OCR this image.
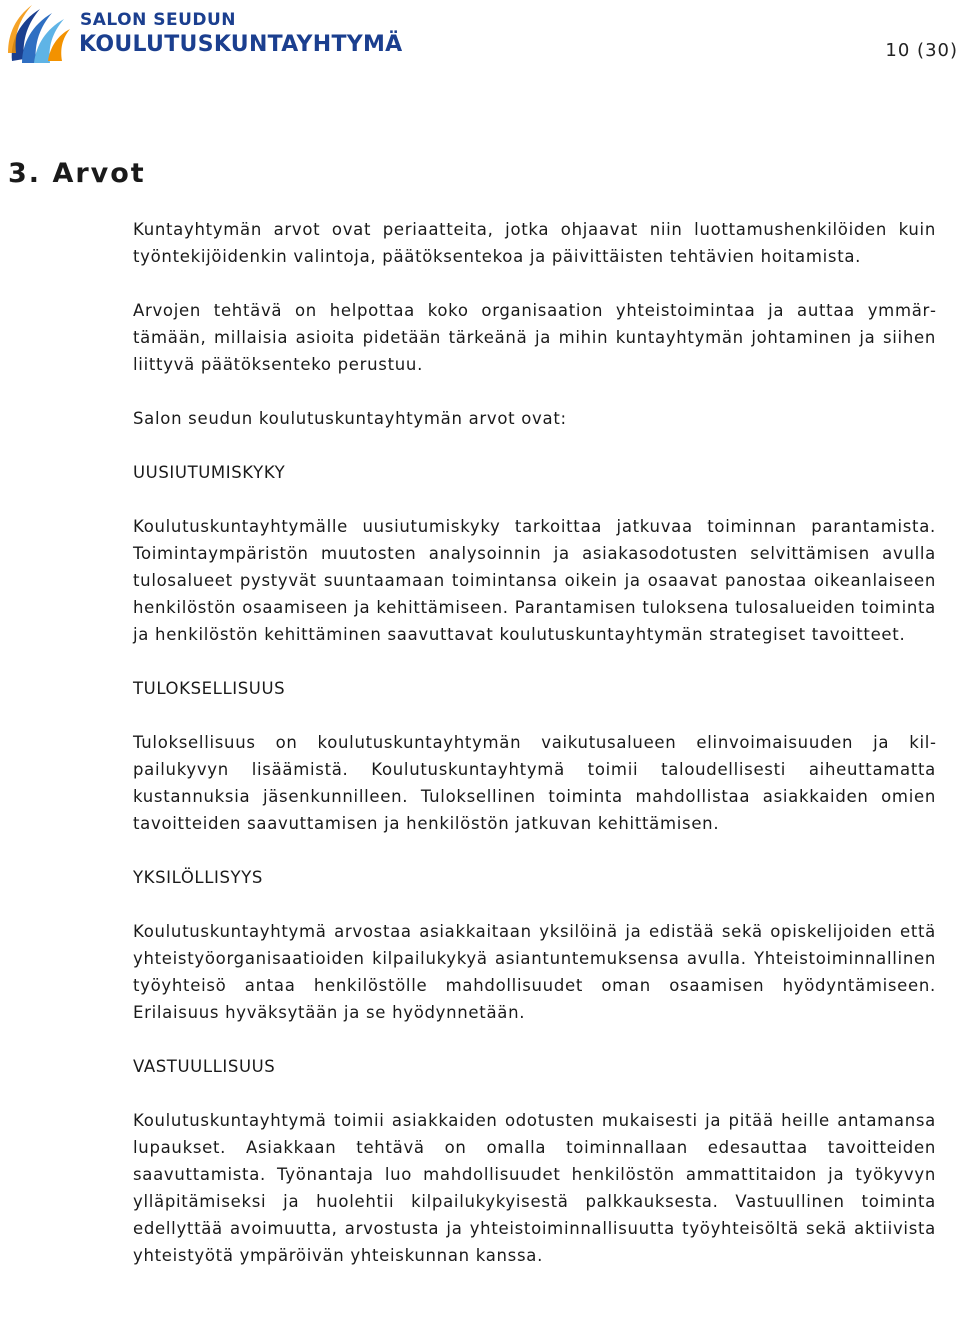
SALON SEUDUN
KOULUTUSKUNTAYHTYMÄ	10 (30)
3. Arvot

Kuntayhtymän arvot ovat periaatteita, jotka ohjaavat niin luottamushenkilöiden kuin työntekijöidenkin valintoja, päätöksentekoa ja päivittäisten tehtävien hoitamista.

Arvojen tehtävä on helpottaa koko organisaation yhteistoimintaa ja auttaa ymmärtämään, millaisia asioita pidetään tärkeänä ja mihin kuntayhtymän johtaminen ja siihen liittyvä päätöksenteko perustuu.

Salon seudun koulutuskuntayhtymän arvot ovat:

UUSIUTUMISKYKY

Koulutuskuntayhtymälle uusiutumiskyky tarkoittaa jatkuvaa toiminnan parantamista. Toimintaympäristön muutosten analysoinnin ja asiakasodotusten selvittämisen avulla tulosalueet pystyvät suuntaamaan toimintansa oikein ja osaavat panostaa oikeanlaiseen henkilöstön osaamiseen ja kehittämiseen. Parantamisen tuloksena tulosalueiden toiminta ja henkilöstön kehittäminen saavuttavat koulutuskuntayhtymän strategiset tavoitteet.

TULOKSELLISUUS

Tuloksellisuus on koulutuskuntayhtymän vaikutusalueen elinvoimaisuuden ja kilpailukyvyn lisäämistä. Koulutuskuntayhtymä toimii taloudellisesti aiheuttamatta kustannuksia jäsenkunnilleen. Tuloksellinen toiminta mahdollistaa asiakkaiden omien tavoitteiden saavuttamisen ja henkilöstön jatkuvan kehittämisen.

YKSILÖLLISYYS

Koulutuskuntayhtymä arvostaa asiakkaitaan yksilöinä ja edistää sekä opiskelijoiden että yhteistyöorganisaatioiden kilpailukykyä asiantuntemuksensa avulla. Yhteistoiminnallinen työyhteisö antaa henkilöstölle mahdollisuudet oman osaamisen hyödyntämiseen. Erilaisuus hyväksytään ja se hyödynnetään.

VASTUULLISUUS

Koulutuskuntayhtymä toimii asiakkaiden odotusten mukaisesti ja pitää heille antamansa lupaukset. Asiakkaan tehtävä on omalla toiminnallaan edesauttaa tavoitteiden saavuttamista. Työnantaja luo mahdollisuudet henkilöstön ammattitaidon ja työkyvyn ylläpitämiseksi ja huolehtii kilpailukykyisestä palkkauksesta. Vastuullinen toiminta edellyttää avoimuutta, arvostusta ja yhteistoiminnallisuutta työyhteisöltä sekä aktiivista yhteistyötä ympäröivän yhteiskunnan kanssa.
